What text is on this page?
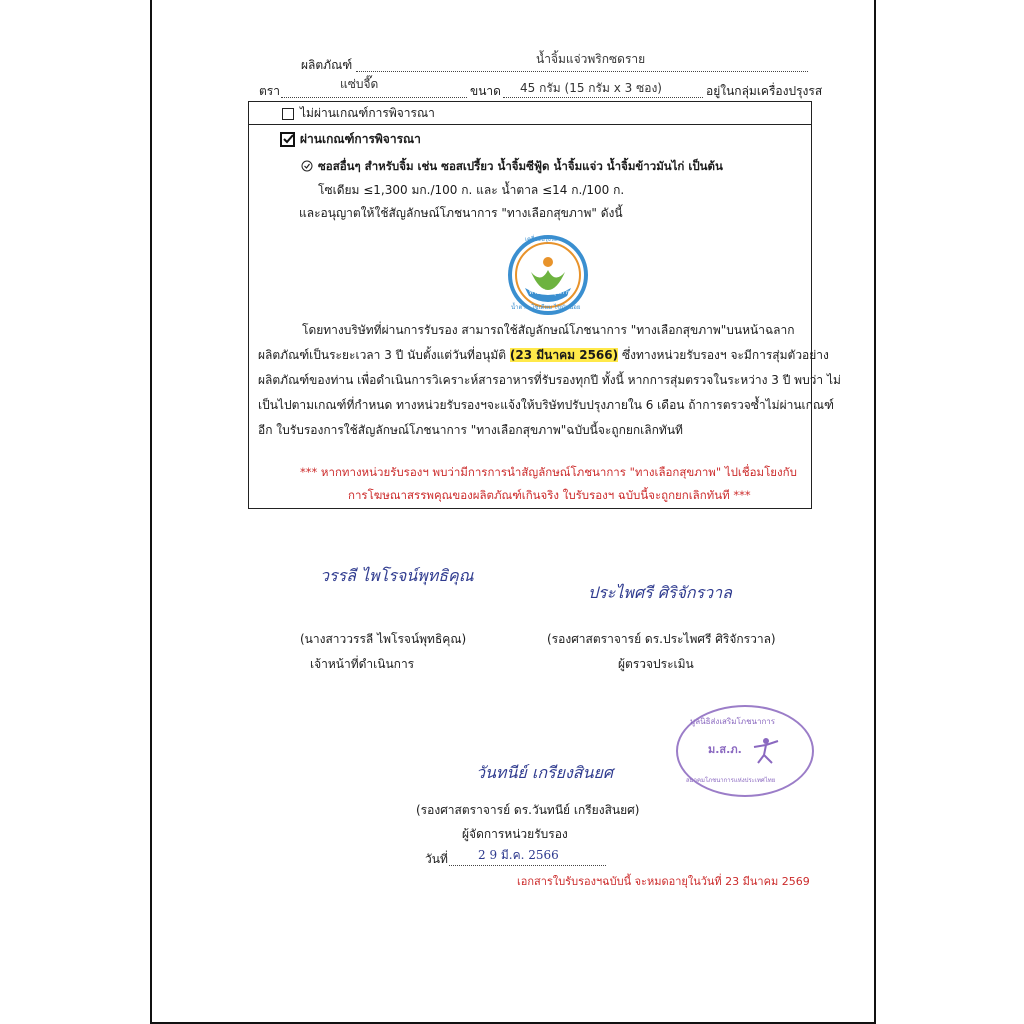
ผลิตภัณฑ์	น้ำจิ้มแจ่วพริกซดราย
ตรา	แซ่บจี๊ด	ขนาด 45 กรัม (15 กรัม x 3 ซอง)	อยู่ในกลุ่มเครื่องปรุงรส
ไม่ผ่านเกณฑ์การพิจารณา
ผ่านเกณฑ์การพิจารณา
ซอสอื่นๆ สำหรับจิ้ม เช่น ซอสเปรี้ยว น้ำจิ้มซีฟู้ด น้ำจิ้มแจ่ว น้ำจิ้มข้าวมันไก่ เป็นต้น
โซเดียม ≤1,300 มก./100 ก. และ น้ำตาล ≤14 ก./100 ก.
และอนุญาตให้ใช้สัญลักษณ์โภชนาการ "ทางเลือกสุขภาพ" ดังนี้
เครื่องปรุงรส
ทางเลือกสุขภาพ
น้ำตาล โซเดียม ไขมันน้อย
โดยทางบริษัทที่ผ่านการรับรอง สามารถใช้สัญลักษณ์โภชนาการ "ทางเลือกสุขภาพ"บนหน้าฉลาก
ผลิตภัณฑ์เป็นระยะเวลา 3 ปี นับตั้งแต่วันที่อนุมัติ (23 มีนาคม 2566) ซึ่งทางหน่วยรับรองฯ จะมีการสุ่มตัวอย่าง
ผลิตภัณฑ์ของท่าน เพื่อดำเนินการวิเคราะห์สารอาหารที่รับรองทุกปี ทั้งนี้ หากการสุ่มตรวจในระหว่าง 3 ปี พบว่า ไม่
เป็นไปตามเกณฑ์ที่กำหนด ทางหน่วยรับรองฯจะแจ้งให้บริษัทปรับปรุงภายใน 6 เดือน ถ้าการตรวจซ้ำไม่ผ่านเกณฑ์
อีก ใบรับรองการใช้สัญลักษณ์โภชนาการ "ทางเลือกสุขภาพ"ฉบับนี้จะถูกยกเลิกทันที
*** หากทางหน่วยรับรองฯ พบว่ามีการการนำสัญลักษณ์โภชนาการ "ทางเลือกสุขภาพ" ไปเชื่อมโยงกับ
การโฆษณาสรรพคุณของผลิตภัณฑ์เกินจริง ใบรับรองฯ ฉบับนี้จะถูกยกเลิกทันที ***
วรรลี ไพโรจน์พุทธิคุณ
(นางสาววรรลี ไพโรจน์พุทธิคุณ)
เจ้าหน้าที่ดำเนินการ
ประไพศรี ศิริจักรวาล
(รองศาสตราจารย์ ดร.ประไพศรี ศิริจักรวาล)
ผู้ตรวจประเมิน
วันทนีย์ เกรียงสินยศ
(รองศาสตราจารย์ ดร.วันทนีย์ เกรียงสินยศ)
ผู้จัดการหน่วยรับรอง
วันที่	2 9 มี.ค. 2566
มูลนิธิส่งเสริมโภชนาการ
ม.ส.ภ.
สมาคมโภชนาการแห่งประเทศไทย
เอกสารใบรับรองฯฉบับนี้ จะหมดอายุในวันที่ 23 มีนาคม 2569
